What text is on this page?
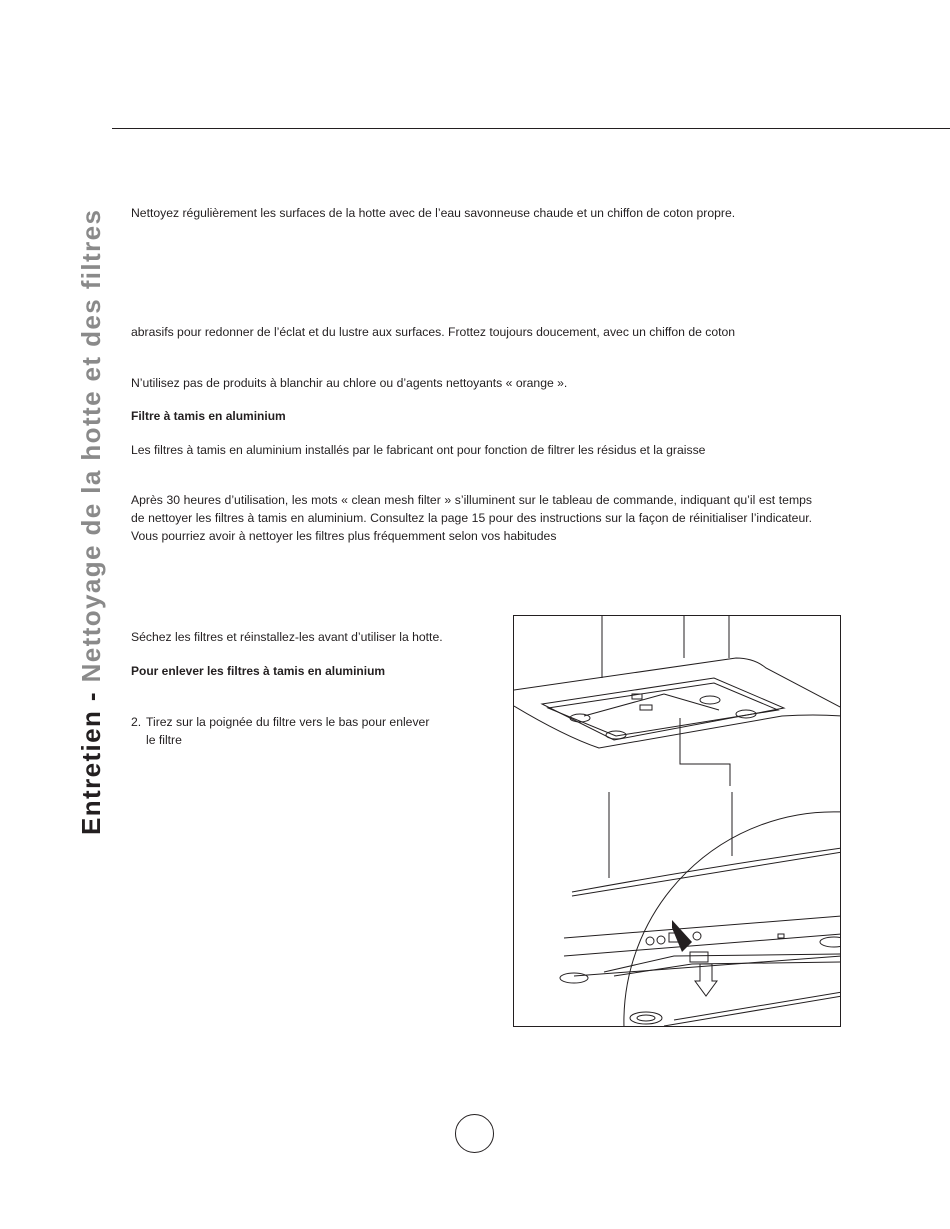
Entretien - Nettoyage de la hotte et des filtres Nettoyez régulièrement les surfaces de la hotte avec de l’eau savonneuse chaude et un chiffon de coton propre.

abrasifs pour redonner de l’éclat et du lustre aux surfaces. Frottez toujours doucement, avec un chiffon de coton

N’utilisez pas de produits à blanchir au chlore ou d’agents nettoyants « orange ».

Filtre à tamis en aluminium

Les filtres à tamis en aluminium installés par le fabricant ont pour fonction de filtrer les résidus et la graisse

Après 30 heures d’utilisation, les mots « clean mesh filter » s’illuminent sur le tableau de commande, indiquant qu’il est temps de nettoyer les filtres à tamis en aluminium. Consultez la page 15 pour des instructions sur la façon de réinitialiser l’indicateur. Vous pourriez avoir à nettoyer les filtres plus fréquemment selon vos habitudes

Séchez les filtres et réinstallez-les avant d’utiliser la hotte.

Pour enlever les filtres à tamis en aluminium

2. Tirez sur la poignée du filtre vers le bas pour enlever
le filtre
